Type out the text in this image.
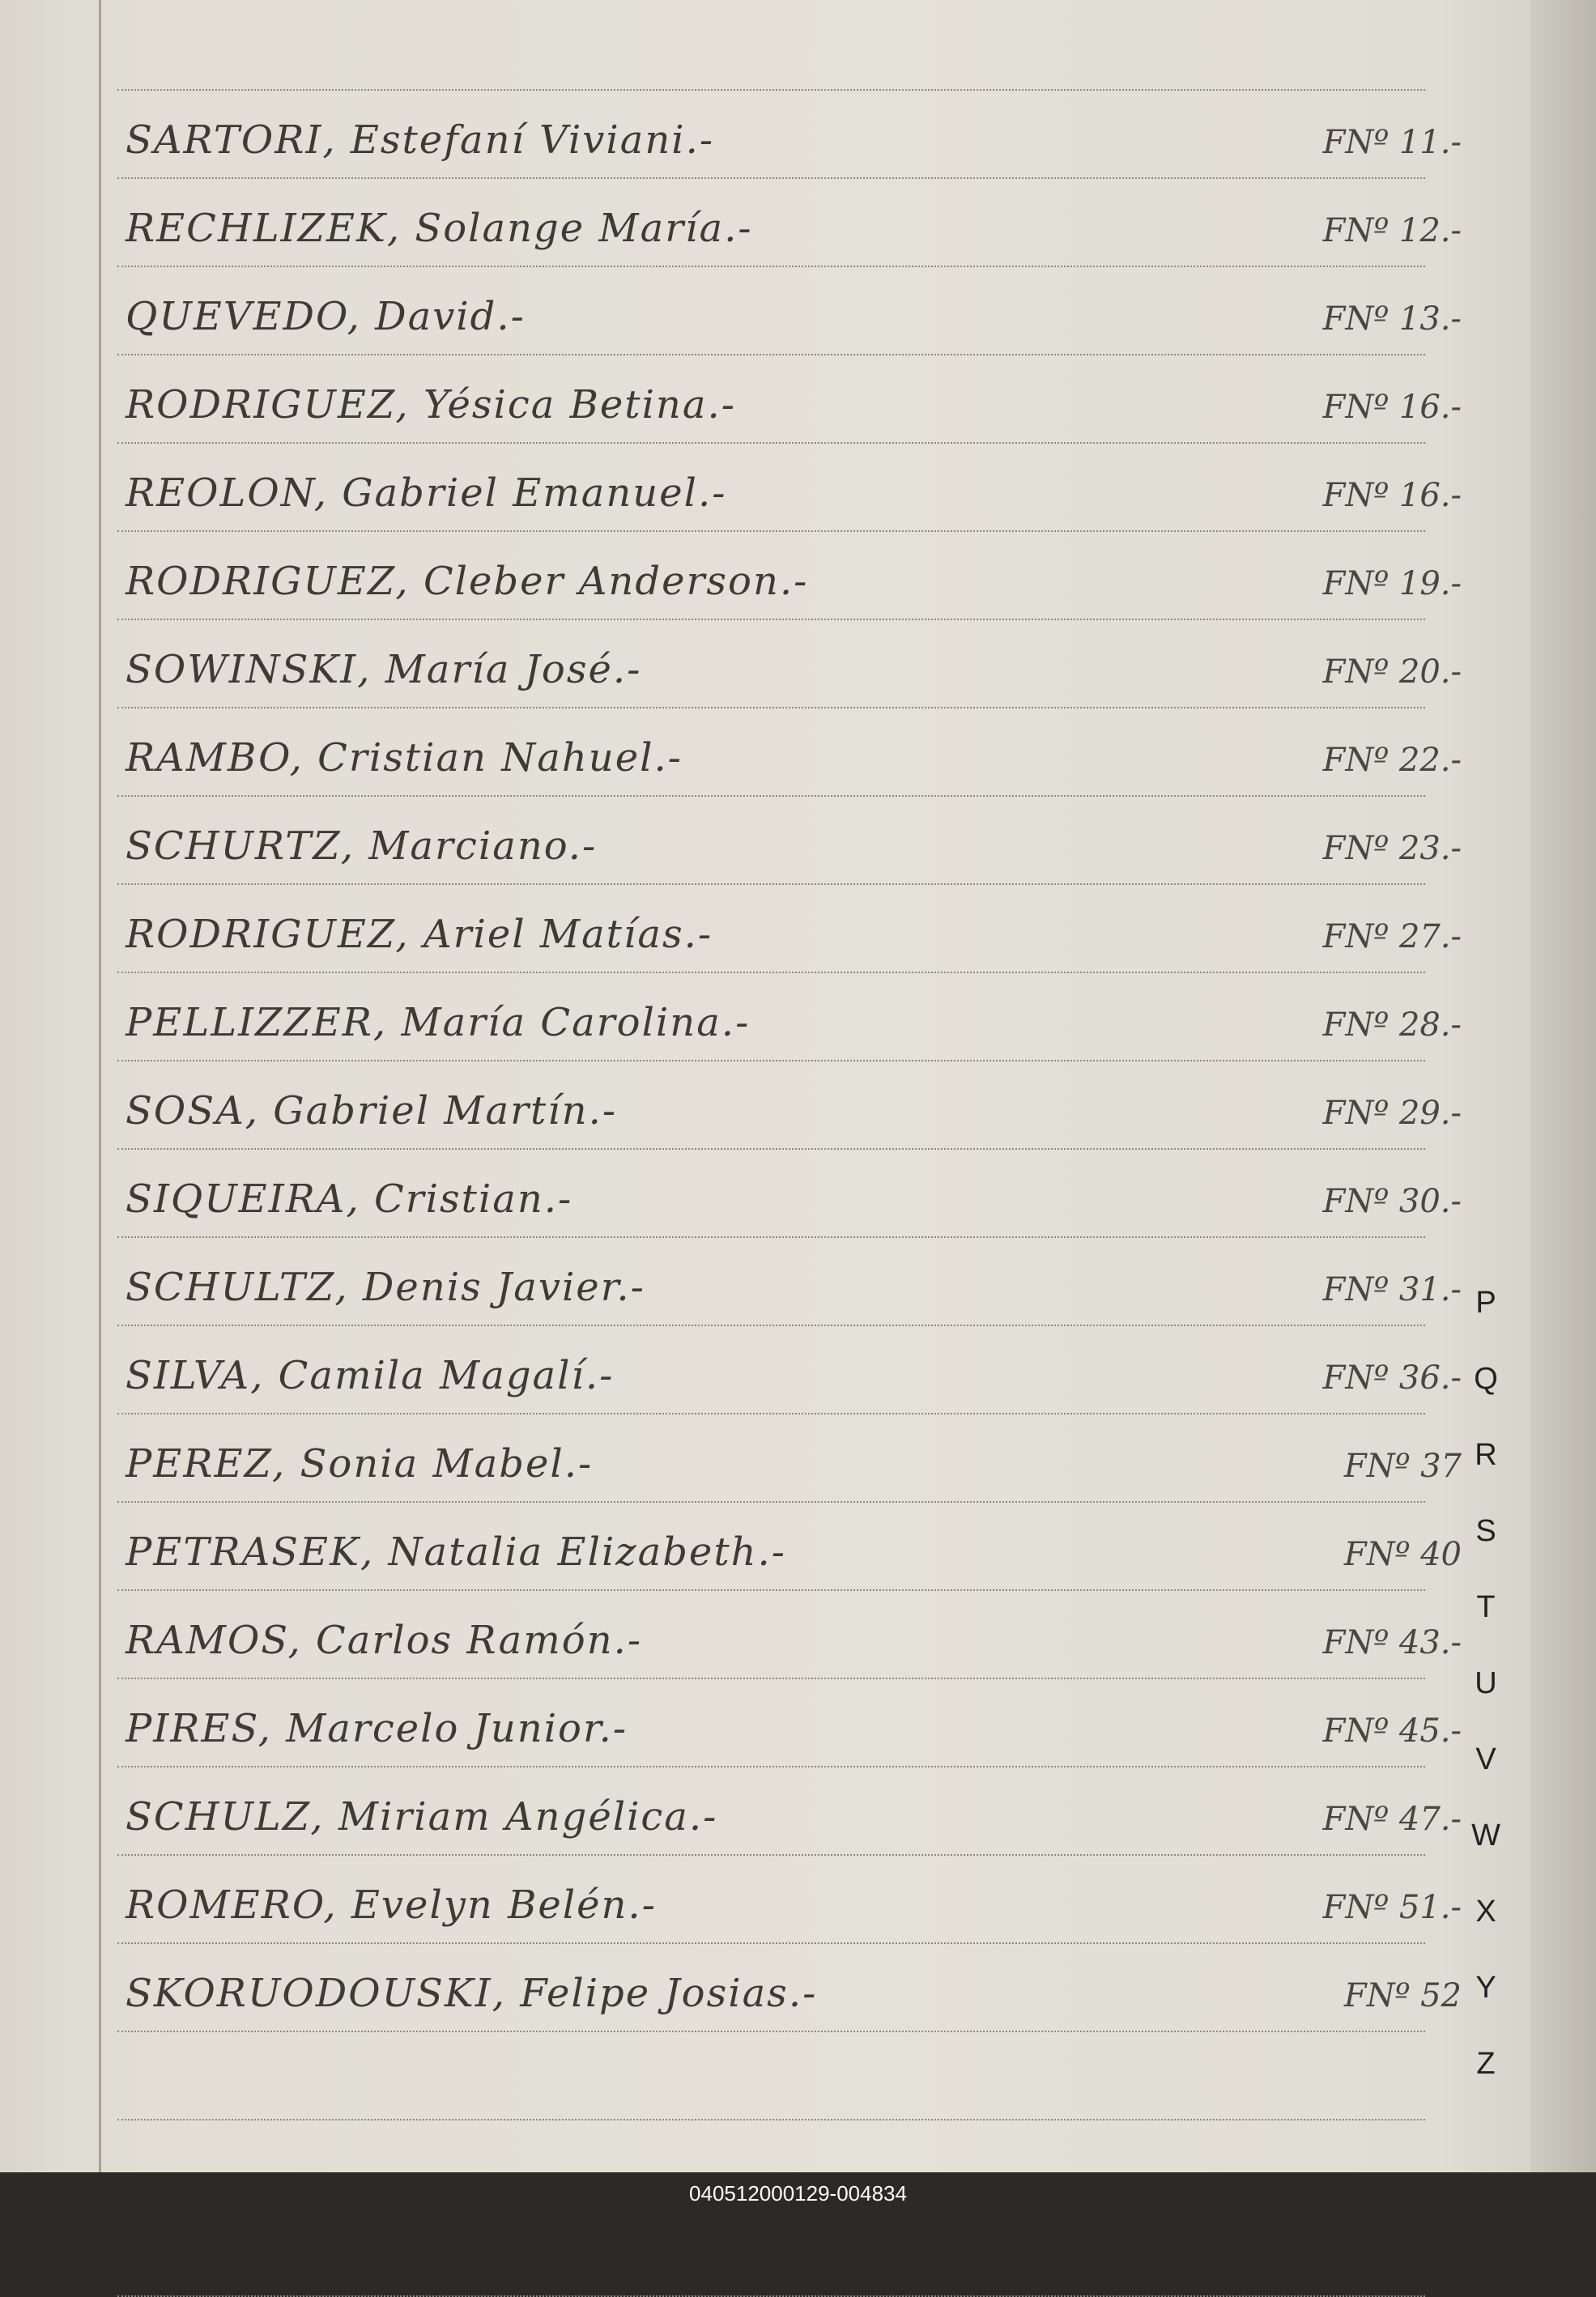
SARTORI, Estefaní Viviani.-	FNº 11.-
RECHLIZEK, Solange María.-	FNº 12.-
QUEVEDO, David.-	FNº 13.-
RODRIGUEZ, Yésica Betina.-	FNº 16.-
REOLON, Gabriel Emanuel.-	FNº 16.-
RODRIGUEZ, Cleber Anderson.-	FNº 19.-
SOWINSKI, María José.-	FNº 20.-
RAMBO, Cristian Nahuel.-	FNº 22.-
SCHURTZ, Marciano.-	FNº 23.-
RODRIGUEZ, Ariel Matías.-	FNº 27.-
PELLIZZER, María Carolina.-	FNº 28.-
SOSA, Gabriel Martín.-	FNº 29.-
SIQUEIRA, Cristian.-	FNº 30.-
SCHULTZ, Denis Javier.-	FNº 31.-
SILVA, Camila Magalí.-	FNº 36.-
PEREZ, Sonia Mabel.-	FNº 37
PETRASEK, Natalia Elizabeth.-	FNº 40
RAMOS, Carlos Ramón.-	FNº 43.-
PIRES, Marcelo Junior.-	FNº 45.-
SCHULZ, Miriam Angélica.-	FNº 47.-
ROMERO, Evelyn Belén.-	FNº 51.-
SKORUODOUSKI, Felipe Josias.-	FNº 52
P
Q
R
S
T
U
V
W
X
Y
Z
040512000129-004834
